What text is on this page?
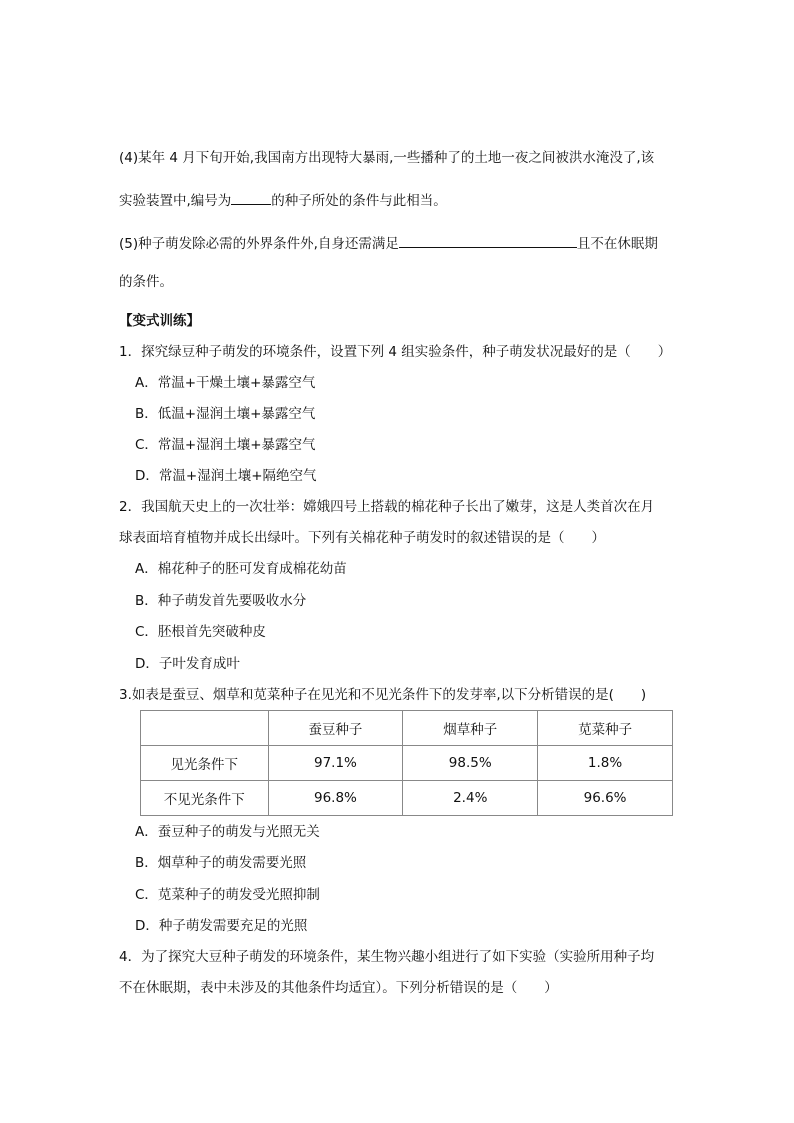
(4)某年 4 月下旬开始,我国南方出现特大暴雨,一些播种了的土地一夜之间被洪水淹没了,该
实验装置中,编号为	的种子所处的条件与此相当。
(5)种子萌发除必需的外界条件外,自身还需满足	且不在休眠期
的条件。
【变式训练】
1．探究绿豆种子萌发的环境条件，设置下列 4 组实验条件，种子萌发状况最好的是（　　）
A．常温+干燥土壤+暴露空气
B．低温+湿润土壤+暴露空气
C．常温+湿润土壤+暴露空气
D．常温+湿润土壤+隔绝空气
2．我国航天史上的一次壮举：嫦娥四号上搭载的棉花种子长出了嫩芽，这是人类首次在月
球表面培育植物并成长出绿叶。下列有关棉花种子萌发时的叙述错误的是（　　）
A．棉花种子的胚可发育成棉花幼苗
B．种子萌发首先要吸收水分
C．胚根首先突破种皮
D．子叶发育成叶
3.如表是蚕豆、烟草和苋菜种子在见光和不见光条件下的发芽率,以下分析错误的是(　　)
	蚕豆种子	烟草种子	苋菜种子
见光条件下	97.1%	98.5%	1.8%
不见光条件下	96.8%	2.4%	96.6%
A．蚕豆种子的萌发与光照无关
B．烟草种子的萌发需要光照
C．苋菜种子的萌发受光照抑制
D．种子萌发需要充足的光照
4．为了探究大豆种子萌发的环境条件，某生物兴趣小组进行了如下实验（实验所用种子均
不在休眠期，表中未涉及的其他条件均适宜）。下列分析错误的是（　　）
